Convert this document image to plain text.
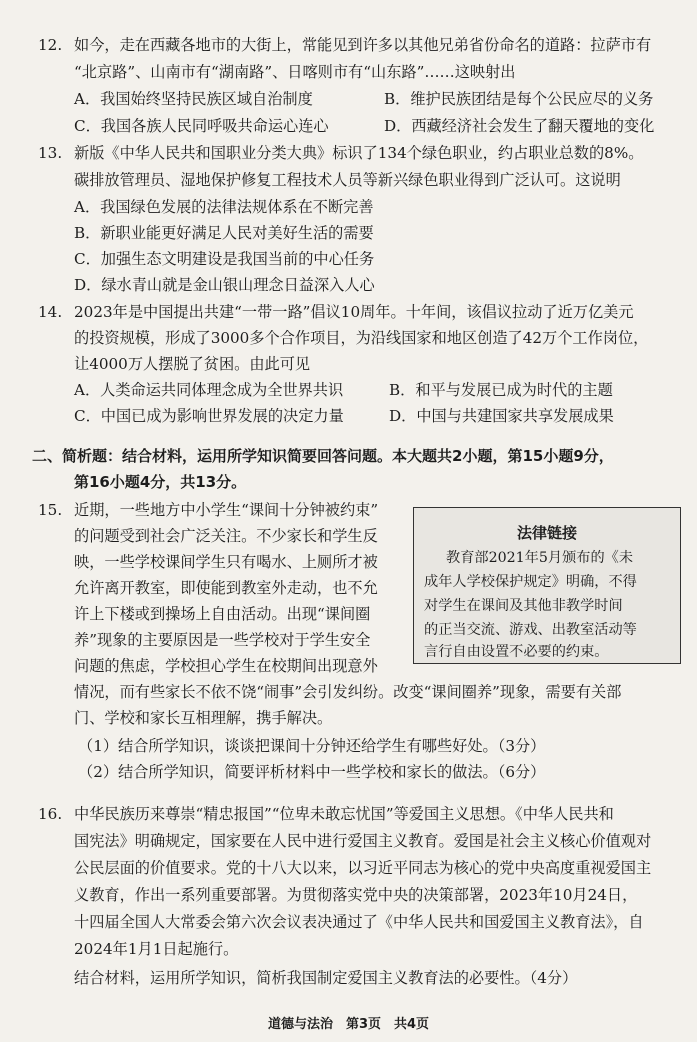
12. 如今，走在西藏各地市的大街上，常能见到许多以其他兄弟省份命名的道路：拉萨市有
“北京路”、山南市有“湖南路”、日喀则市有“山东路”……这映射出
A．我国始终坚持民族区域自治制度	B．维护民族团结是每个公民应尽的义务
C．我国各族人民同呼吸共命运心连心	D．西藏经济社会发生了翻天覆地的变化
13. 新版《中华人民共和国职业分类大典》标识了134个绿色职业，约占职业总数的8%。
碳排放管理员、湿地保护修复工程技术人员等新兴绿色职业得到广泛认可。这说明
A．我国绿色发展的法律法规体系在不断完善
B．新职业能更好满足人民对美好生活的需要
C．加强生态文明建设是我国当前的中心任务
D．绿水青山就是金山银山理念日益深入人心
14. 2023年是中国提出共建“一带一路”倡议10周年。十年间，该倡议拉动了近万亿美元
的投资规模，形成了3000多个合作项目，为沿线国家和地区创造了42万个工作岗位，
让4000万人摆脱了贫困。由此可见
A．人类命运共同体理念成为全世界共识	B．和平与发展已成为时代的主题
C．中国已成为影响世界发展的决定力量	D．中国与共建国家共享发展成果
二、简析题：结合材料，运用所学知识简要回答问题。本大题共2小题，第15小题9分，
第16小题4分，共13分。
15. 近期，一些地方中小学生“课间十分钟被约束”
的问题受到社会广泛关注。不少家长和学生反
映，一些学校课间学生只有喝水、上厕所才被
允许离开教室，即使能到教室外走动，也不允
许上下楼或到操场上自由活动。出现“课间圈
养”现象的主要原因是一些学校对于学生安全
问题的焦虑，学校担心学生在校期间出现意外
情况，而有些家长不依不饶“闹事”会引发纠纷。改变“课间圈养”现象，需要有关部
门、学校和家长互相理解，携手解决。
法律链接
教育部2021年5月颁布的《未
成年人学校保护规定》明确，不得
对学生在课间及其他非教学时间
的正当交流、游戏、出教室活动等
言行自由设置不必要的约束。
（1）结合所学知识，谈谈把课间十分钟还给学生有哪些好处。（3分）
（2）结合所学知识，简要评析材料中一些学校和家长的做法。（6分）
16. 中华民族历来尊崇“精忠报国”“位卑未敢忘忧国”等爱国主义思想。《中华人民共和
国宪法》明确规定，国家要在人民中进行爱国主义教育。爱国是社会主义核心价值观对
公民层面的价值要求。党的十八大以来，以习近平同志为核心的党中央高度重视爱国主
义教育，作出一系列重要部署。为贯彻落实党中央的决策部署，2023年10月24日，
十四届全国人大常委会第六次会议表决通过了《中华人民共和国爱国主义教育法》，自
2024年1月1日起施行。
结合材料，运用所学知识，简析我国制定爱国主义教育法的必要性。（4分）
道德与法治　第3页　共4页
